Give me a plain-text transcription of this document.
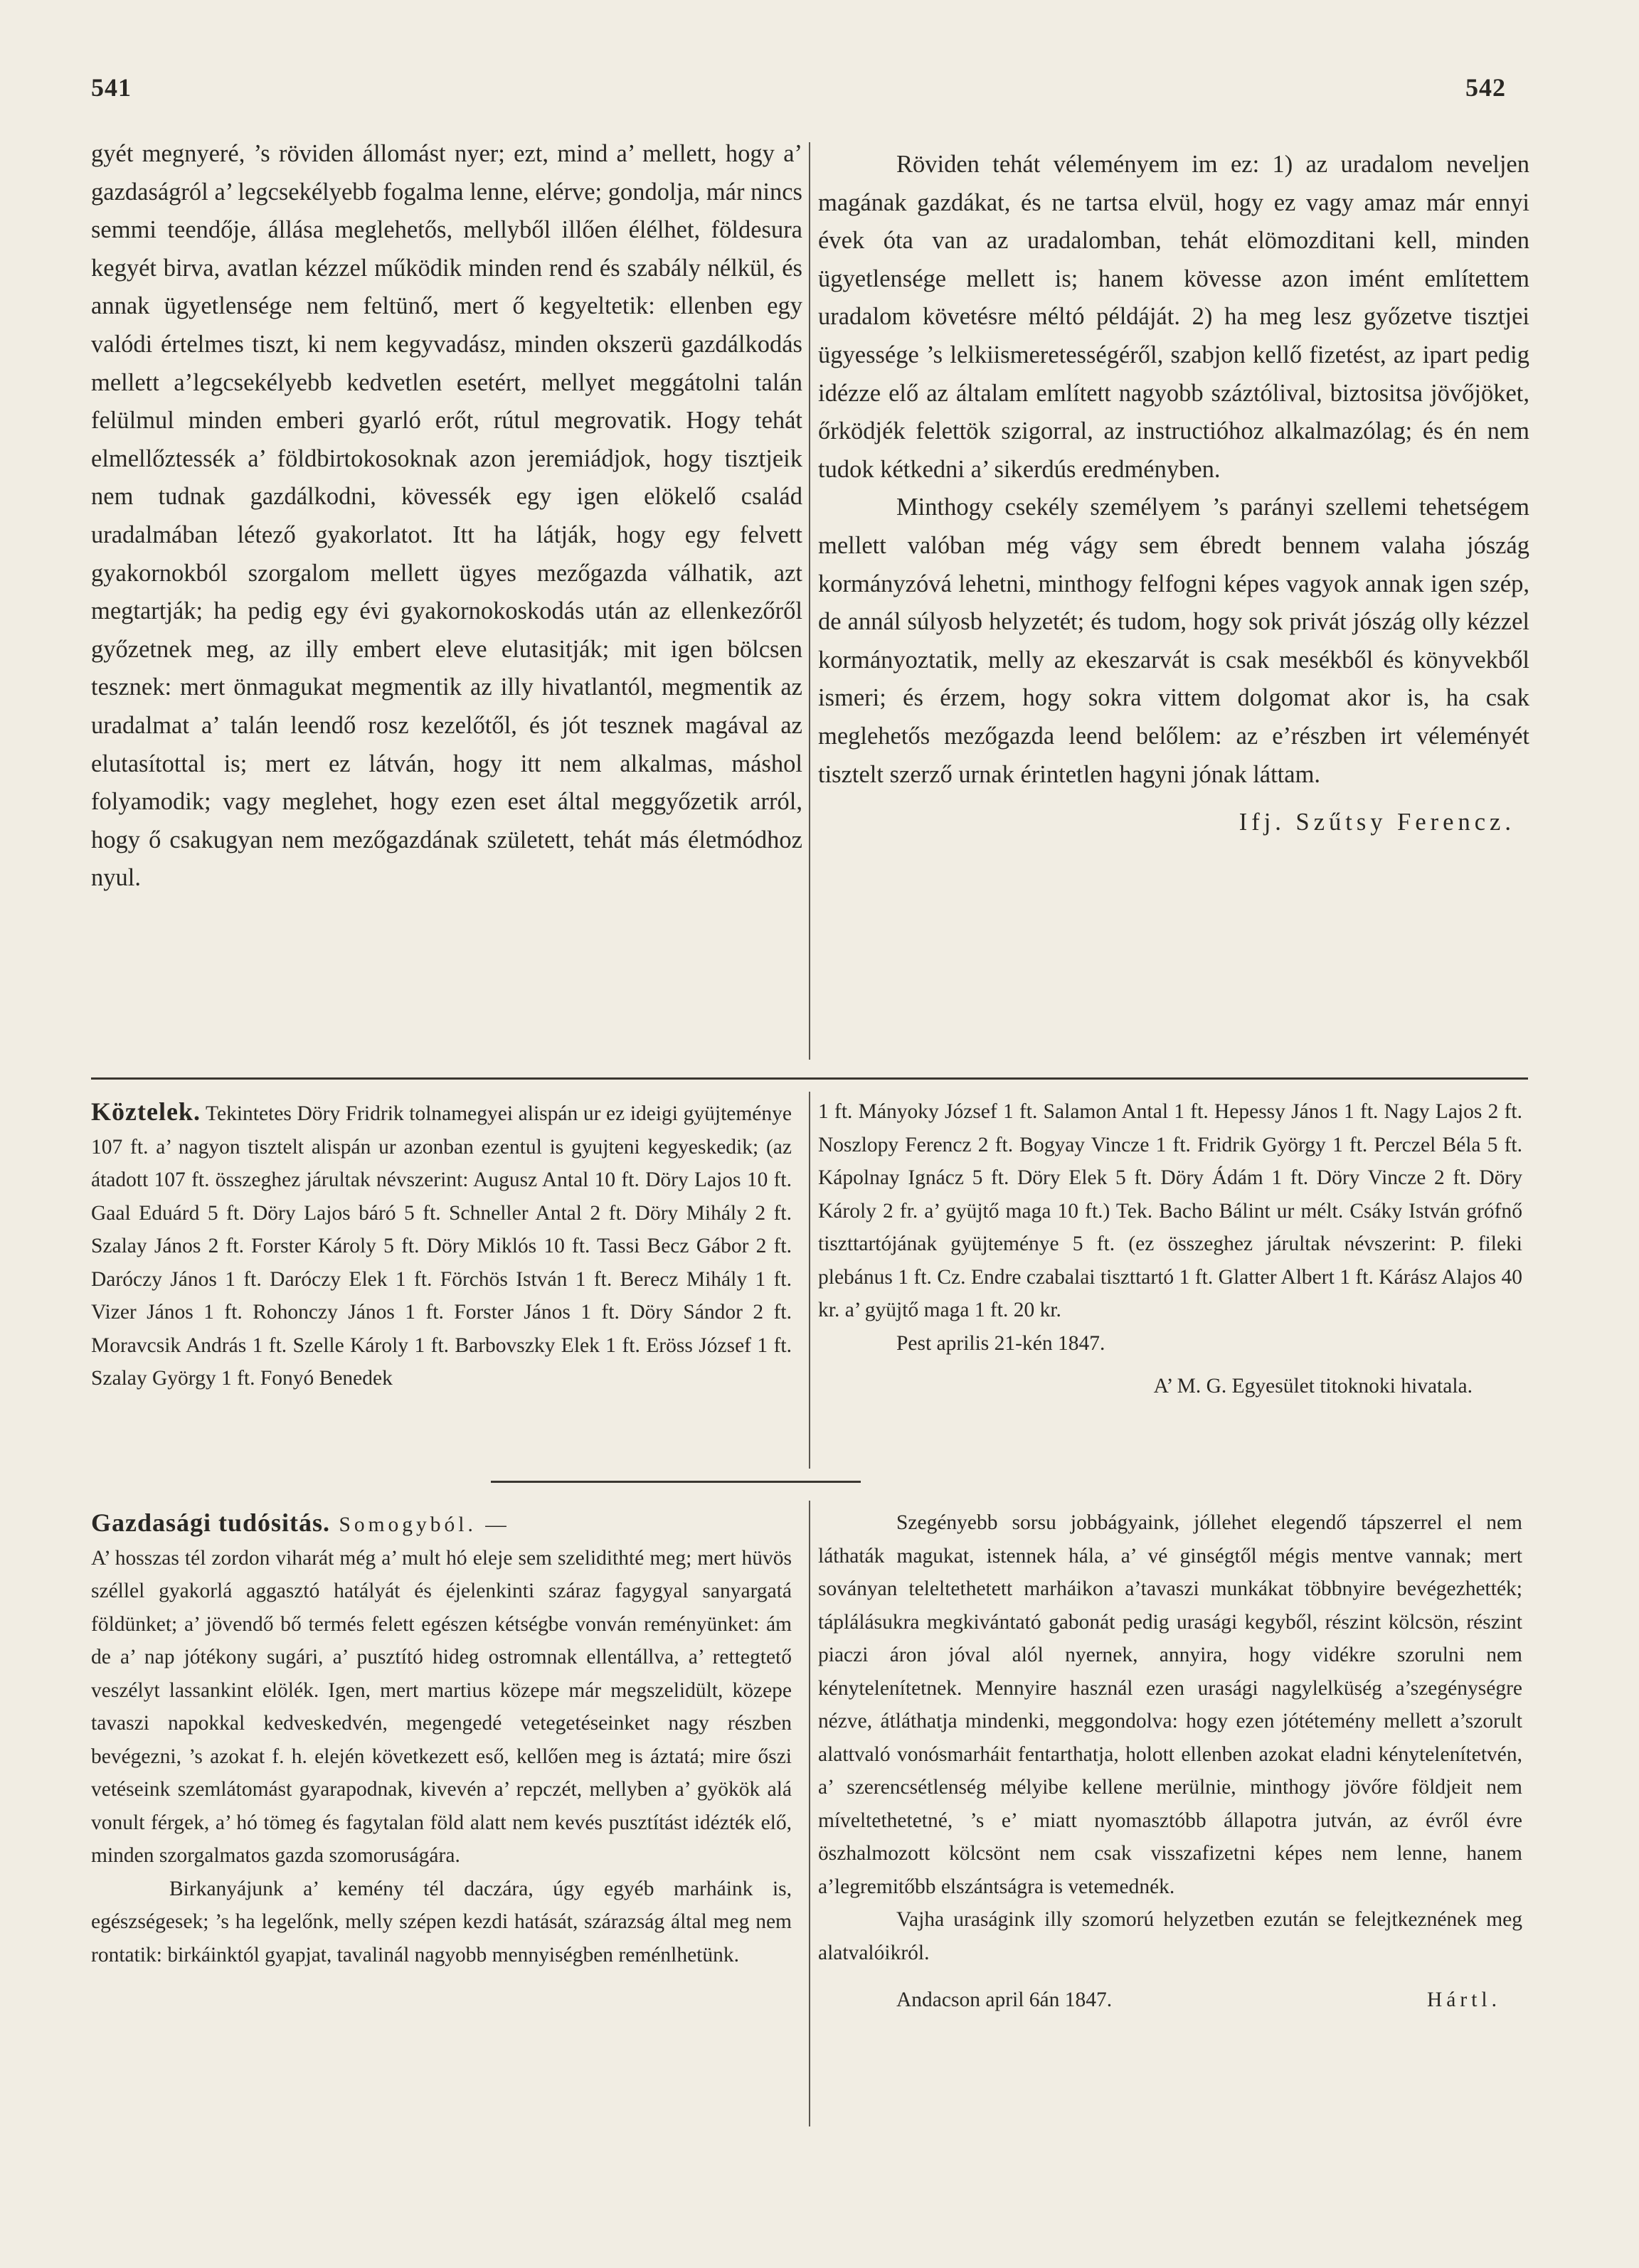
541	542

gyét megnyeré, ’s röviden állomást nyer; ezt, mind a’ mellett, hogy a’ gazdaságról a’ legcsekélyebb fogalma lenne, elérve; gondolja, már nincs semmi teendője, állása meglehetős, mellyből illően élélhet, földesura kegyét birva, avatlan kézzel működik minden rend és szabály nélkül, és annak ügyetlensége nem feltünő, mert ő kegyeltetik: ellenben egy valódi értelmes tiszt, ki nem kegyvadász, minden okszerü gazdálkodás mellett a’legcsekélyebb kedvetlen esetért, mellyet meggátolni talán felülmul minden emberi gyarló erőt, rútul megrovatik. Hogy tehát elmellőztessék a’ földbirtokosoknak azon jeremiádjok, hogy tisztjeik nem tudnak gazdálkodni, kövessék egy igen elökelő család uradalmában létező gyakorlatot. Itt ha látják, hogy egy felvett gyakornokból szorgalom mellett ügyes mezőgazda válhatik, azt megtartják; ha pedig egy évi gyakornokoskodás után az ellenkezőről győzetnek meg, az illy embert eleve elutasitják; mit igen bölcsen tesznek: mert önmagukat megmentik az illy hivatlantól, megmentik az uradalmat a’ talán leendő rosz kezelőtől, és jót tesznek magával az elutasítottal is; mert ez látván, hogy itt nem alkalmas, máshol folyamodik; vagy meglehet, hogy ezen eset által meggyőzetik arról, hogy ő csakugyan nem mezőgazdának született, tehát más életmódhoz nyul.

Röviden tehát véleményem im ez: 1) az uradalom neveljen magának gazdákat, és ne tartsa elvül, hogy ez vagy amaz már ennyi évek óta van az uradalomban, tehát elömozditani kell, minden ügyetlensége mellett is; hanem kövesse azon imént említettem uradalom követésre méltó példáját. 2) ha meg lesz győzetve tisztjei ügyessége ’s lelkiismeretességéről, szabjon kellő fizetést, az ipart pedig idézze elő az általam említett nagyobb száztólival, biztositsa jövőjöket, őrködjék felettök szigorral, az instructióhoz alkalmazólag; és én nem tudok kétkedni a’ sikerdús eredményben.

Minthogy csekély személyem ’s parányi szellemi tehetségem mellett valóban még vágy sem ébredt bennem valaha jószág kormányzóvá lehetni, minthogy felfogni képes vagyok annak igen szép, de annál súlyosb helyzetét; és tudom, hogy sok privát jószág olly kézzel kormányoztatik, melly az ekeszarvát is csak mesékből és könyvekből ismeri; és érzem, hogy sokra vittem dolgomat akor is, ha csak meglehetős mezőgazda leend belőlem: az e’részben irt véleményét tisztelt szerző urnak érintetlen hagyni jónak láttam.

Ifj. Szűtsy Ferencz.

Köztelek. Tekintetes Döry Fridrik tolnamegyei alispán ur ez ideigi gyüjteménye 107 ft. a’ nagyon tisztelt alispán ur azonban ezentul is gyujteni kegyeskedik; (az átadott 107 ft. összeghez járultak névszerint: Augusz Antal 10 ft. Döry Lajos 10 ft. Gaal Eduárd 5 ft. Döry Lajos báró 5 ft. Schneller Antal 2 ft. Döry Mihály 2 ft. Szalay János 2 ft. Forster Károly 5 ft. Döry Miklós 10 ft. Tassi Becz Gábor 2 ft. Daróczy János 1 ft. Daróczy Elek 1 ft. Förchös István 1 ft. Berecz Mihály 1 ft. Vizer János 1 ft. Rohonczy János 1 ft. Forster János 1 ft. Döry Sándor 2 ft. Moravcsik András 1 ft. Szelle Károly 1 ft. Barbovszky Elek 1 ft. Eröss József 1 ft. Szalay György 1 ft. Fonyó Benedek

1 ft. Mányoky József 1 ft. Salamon Antal 1 ft. Hepessy János 1 ft. Nagy Lajos 2 ft. Noszlopy Ferencz 2 ft. Bogyay Vincze 1 ft. Fridrik György 1 ft. Perczel Béla 5 ft. Kápolnay Ignácz 5 ft. Döry Elek 5 ft. Döry Ádám 1 ft. Döry Vincze 2 ft. Döry Károly 2 fr. a’ gyüjtő maga 10 ft.) Tek. Bacho Bálint ur mélt. Csáky István grófnő tiszttartójának gyüjteménye 5 ft. (ez összeghez járultak névszerint: P. fileki plebánus 1 ft. Cz. Endre czabalai tiszttartó 1 ft. Glatter Albert 1 ft. Kárász Alajos 40 kr. a’ gyüjtő maga 1 ft. 20 kr.

Pest aprilis 21-kén 1847.

A’ M. G. Egyesület titoknoki hivatala.

Gazdasági tudósitás. Somogyból. —

A’ hosszas tél zordon viharát még a’ mult hó eleje sem szelidithté meg; mert hüvös széllel gyakorlá aggasztó hatályát és éjelenkinti száraz fagygyal sanyargatá földünket; a’ jövendő bő termés felett egészen kétségbe vonván reményünket: ám de a’ nap jótékony sugári, a’ pusztító hideg ostromnak ellentállva, a’ rettegtető veszélyt lassankint elölék. Igen, mert martius közepe már megszelidült, közepe tavaszi napokkal kedveskedvén, megengedé vetegetéseinket nagy részben bevégezni, ’s azokat f. h. elején következett eső, kellően meg is áztatá; mire őszi vetéseink szemlátomást gyarapodnak, kivevén a’ repczét, mellyben a’ gyökök alá vonult férgek, a’ hó tömeg és fagytalan föld alatt nem kevés pusztítást idézték elő, minden szorgalmatos gazda szomoruságára.

Birkanyájunk a’ kemény tél daczára, úgy egyéb marháink is, egészségesek; ’s ha legelőnk, melly szépen kezdi hatását, szárazság által meg nem rontatik: birkáinktól gyapjat, tavalinál nagyobb mennyiségben reménlhetünk.

Szegényebb sorsu jobbágyaink, jóllehet elegendő tápszerrel el nem láthaták magukat, istennek hála, a’ vé ginségtől mégis mentve vannak; mert soványan teleltethetett marháikon a’tavaszi munkákat többnyire bevégezhették; táplálásukra megkivántató gabonát pedig urasági kegyből, részint kölcsön, részint piaczi áron jóval alól nyernek, annyira, hogy vidékre szorulni nem kénytelenítetnek. Mennyire használ ezen urasági nagylelküség a’szegénységre nézve, átláthatja mindenki, meggondolva: hogy ezen jótétemény mellett a’szorult alattvaló vonósmarháit fentarthatja, holott ellenben azokat eladni kénytelenítetvén, a’ szerencsétlenség mélyibe kellene merülnie, minthogy jövőre földjeit nem míveltethetetné, ’s e’ miatt nyomasztóbb állapotra jutván, az évről évre öszhalmozott kölcsönt nem csak visszafizetni képes nem lenne, hanem a’legremitőbb elszántságra is vetemednék.

Vajha uraságink illy szomorú helyzetben ezután se felejtkeznének meg alatvalóikról.

Andacson april 6án 1847.	Hártl.
